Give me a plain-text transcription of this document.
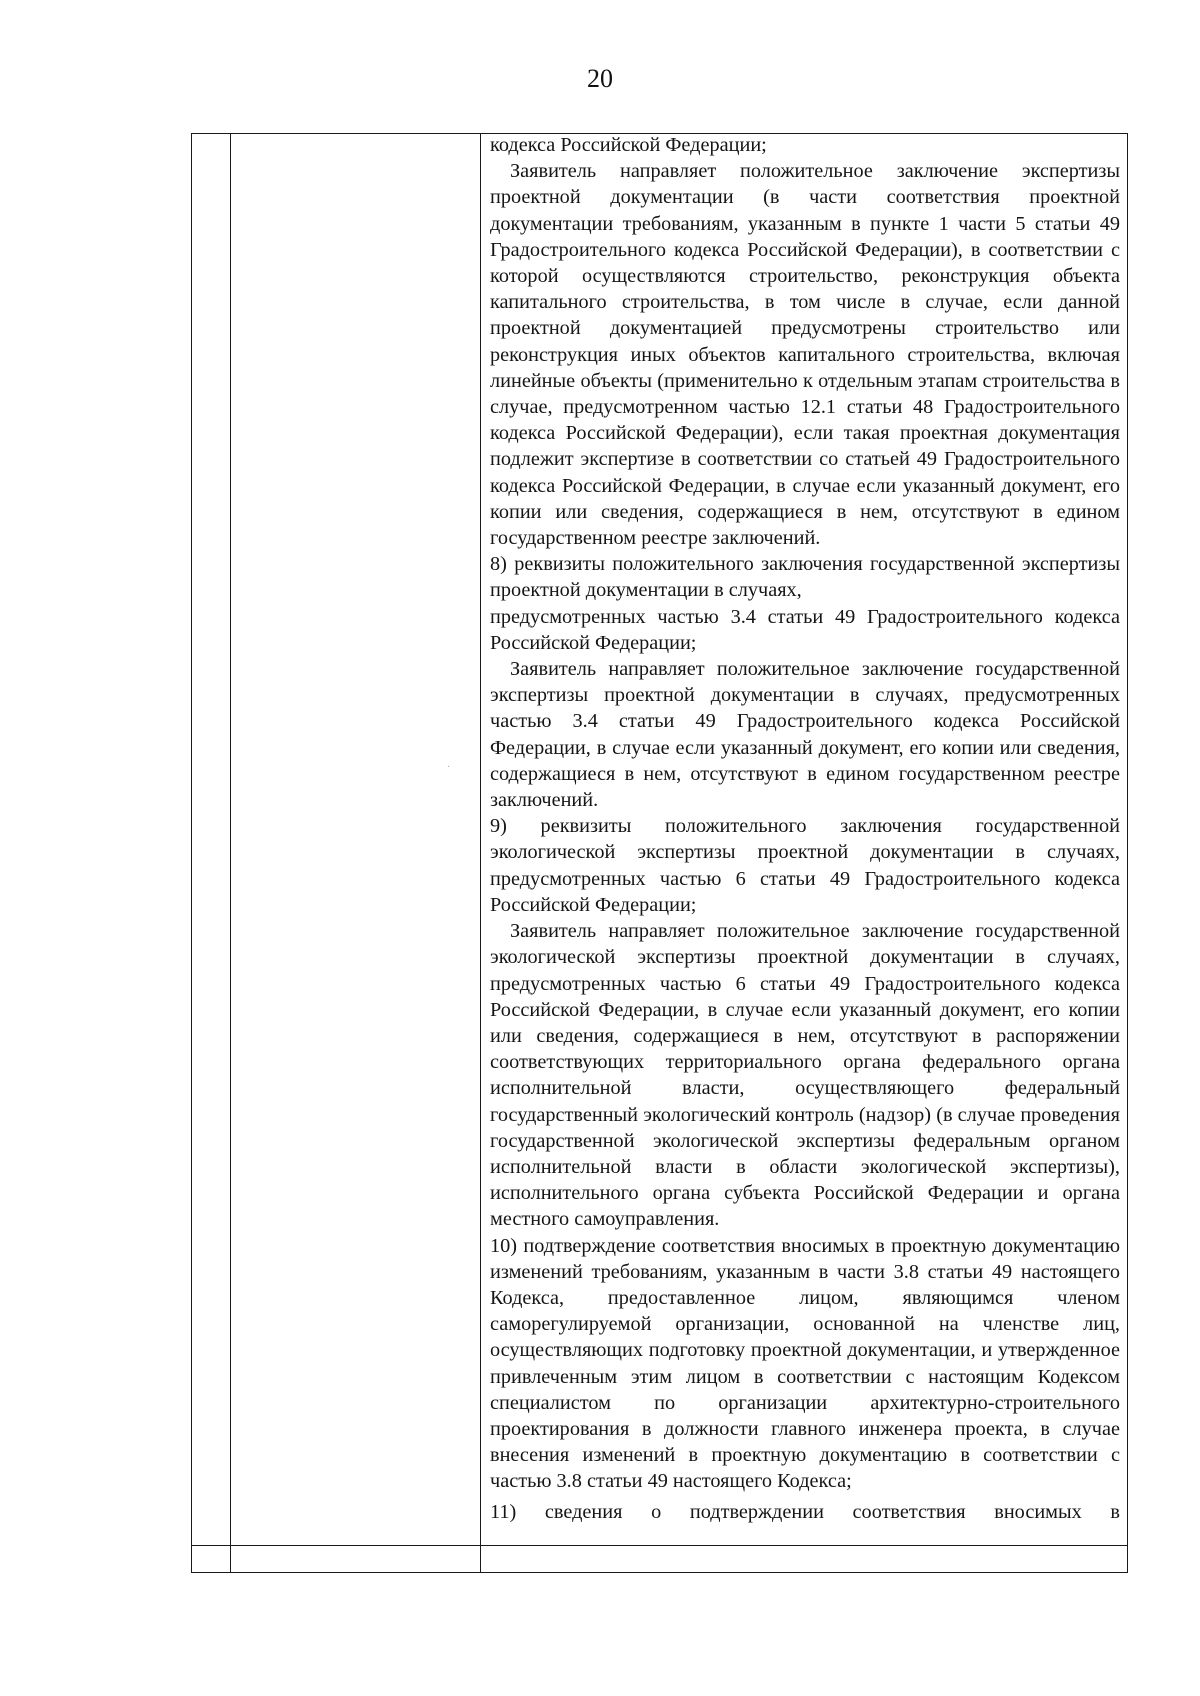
20
·

кодекса Российской Федерации;

Заявитель направляет положительное заключение экспертизы проектной документации (в части соответствия проектной документации требованиям, указанным в пункте 1 части 5 статьи 49 Градостроительного кодекса Российской Федерации), в соответствии с которой осуществляются строительство, реконструкция объекта капитального строительства, в том числе в случае, если данной проектной документацией предусмотрены строительство или реконструкция иных объектов капитального строительства, включая линейные объекты (применительно к отдельным этапам строительства в случае, предусмотренном частью 12.1 статьи 48 Градостроительного кодекса Российской Федерации), если такая проектная документация подлежит экспертизе в соответствии со статьей 49 Градостроительного кодекса Российской Федерации, в случае если указанный документ, его копии или сведения, содержащиеся в нем, отсутствуют в едином государственном реестре заключений.

8) реквизиты положительного заключения государственной экспертизы проектной документации в случаях,

предусмотренных частью 3.4 статьи 49 Градостроительного кодекса Российской Федерации;

Заявитель направляет положительное заключение государственной экспертизы проектной документации в случаях, предусмотренных частью 3.4 статьи 49 Градостроительного кодекса Российской Федерации, в случае если указанный документ, его копии или сведения, содержащиеся в нем, отсутствуют в едином государственном реестре заключений.

9) реквизиты положительного заключения государственной экологической экспертизы проектной документации в случаях, предусмотренных частью 6 статьи 49 Градостроительного кодекса Российской Федерации;

Заявитель направляет положительное заключение государственной экологической экспертизы проектной документации в случаях, предусмотренных частью 6 статьи 49 Градостроительного кодекса Российской Федерации, в случае если указанный документ, его копии или сведения, содержащиеся в нем, отсутствуют в распоряжении соответствующих территориального органа федерального органа исполнительной власти, осуществляющего федеральный государственный экологический контроль (надзор) (в случае проведения государственной экологической экспертизы федеральным органом исполнительной власти в области экологической экспертизы), исполнительного органа субъекта Российской Федерации и органа местного самоуправления.

10) подтверждение соответствия вносимых в проектную документацию изменений требованиям, указанным в части 3.8 статьи 49 настоящего Кодекса, предоставленное лицом, являющимся членом саморегулируемой организации, основанной на членстве лиц, осуществляющих подготовку проектной документации, и утвержденное привлеченным этим лицом в соответствии с настоящим Кодексом специалистом по организации архитектурно-строительного проектирования в должности главного инженера проекта, в случае внесения изменений в проектную документацию в соответствии с частью 3.8 статьи 49 настоящего Кодекса;

11) сведения о подтверждении соответствия вносимых в
